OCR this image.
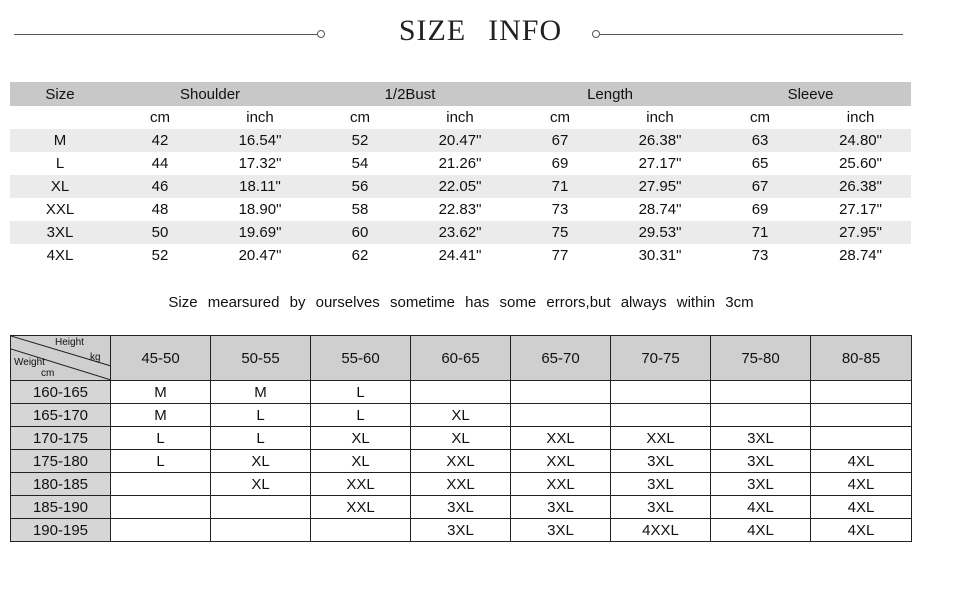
SIZE INFO
Size	Shoulder		1/2Bust		Length		Sleeve	
	cm	inch	cm	inch	cm	inch	cm	inch
M	42	16.54"	52	20.47"	67	26.38"	63	24.80"
L	44	17.32"	54	21.26"	69	27.17"	65	25.60"
XL	46	18.11"	56	22.05"	71	27.95"	67	26.38"
XXL	48	18.90"	58	22.83"	73	28.74"	69	27.17"
3XL	50	19.69"	60	23.62"	75	29.53"	71	27.95"
4XL	52	20.47"	62	24.41"	77	30.31"	73	28.74"
Size mearsured by ourselves sometime has some errors,but always within 3cm
Height
Weight kg
cm	45-50	50-55	55-60	60-65	65-70	70-75	75-80	80-85
160-165	M	M	L					
165-170	M	L	L	XL				
170-175	L	L	XL	XL	XXL	XXL	3XL	
175-180	L	XL	XL	XXL	XXL	3XL	3XL	4XL
180-185		XL	XXL	XXL	XXL	3XL	3XL	4XL
185-190			XXL	3XL	3XL	3XL	4XL	4XL
190-195				3XL	3XL	4XXL	4XL	4XL
